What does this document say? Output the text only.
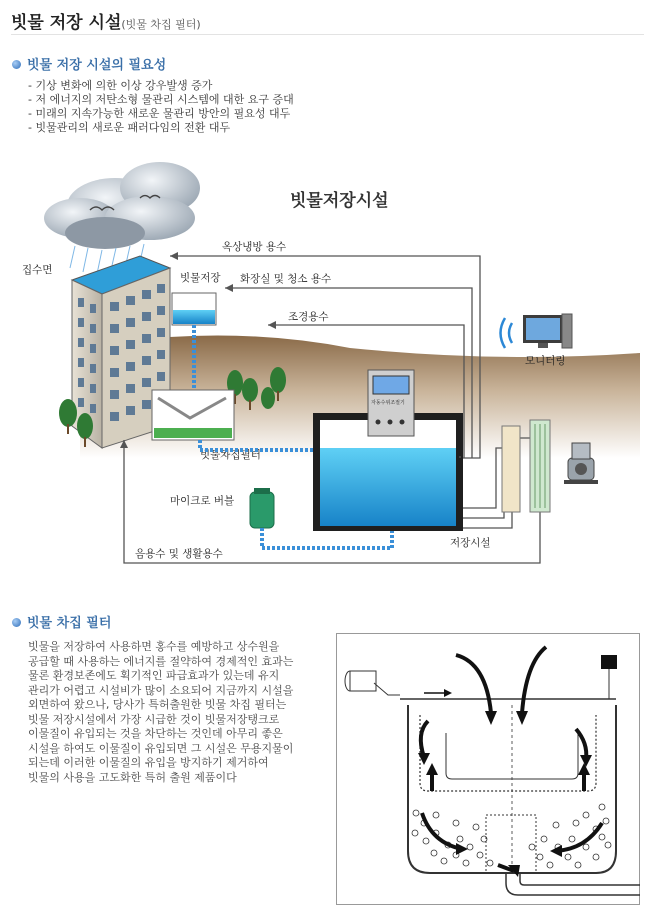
빗물 저장 시설(빗물 차집 필터)
빗물 저장 시설의 필요성
- 기상 변화에 의한 이상 강우발생 증가
- 저 에너지의 저탄소형 물관리 시스템에 대한 요구 증대
- 미래의 지속가능한 새로운 물관리 방안의 필요성 대두
- 빗물관리의 새로운 패러다임의 전환 대두
집수면
빗물저장
빗물차집필터
마이크로 버블
저장시설
자동수위조절기
모니터링
옥상냉방 용수
화장실 및 청소 용수
조경용수
음용수 및 생활용수
빗물저장시설
빗물 차집 필터
빗물을 저장하여 사용하면 홍수를 예방하고 상수원을
공급할 때 사용하는 에너지를 절약하여 경제적인 효과는
물론 환경보존에도 획기적인 파급효과가 있는데 유지
관리가 어렵고 시설비가 많이 소요되어 지금까지 시설을
외면하여 왔으나, 당사가 특허출원한 빗물 차집 필터는
빗물 저장시설에서 가장 시급한 것이 빗물저장탱크로
이물질이 유입되는 것을 차단하는 것인데 아무리 좋은
시설을 하여도 이물질이 유입되면 그 시설은 무용지물이
되는데 이러한 이물질의 유입을 방지하기 제거하여
빗물의 사용을 고도화한 특허 출원 제품이다
